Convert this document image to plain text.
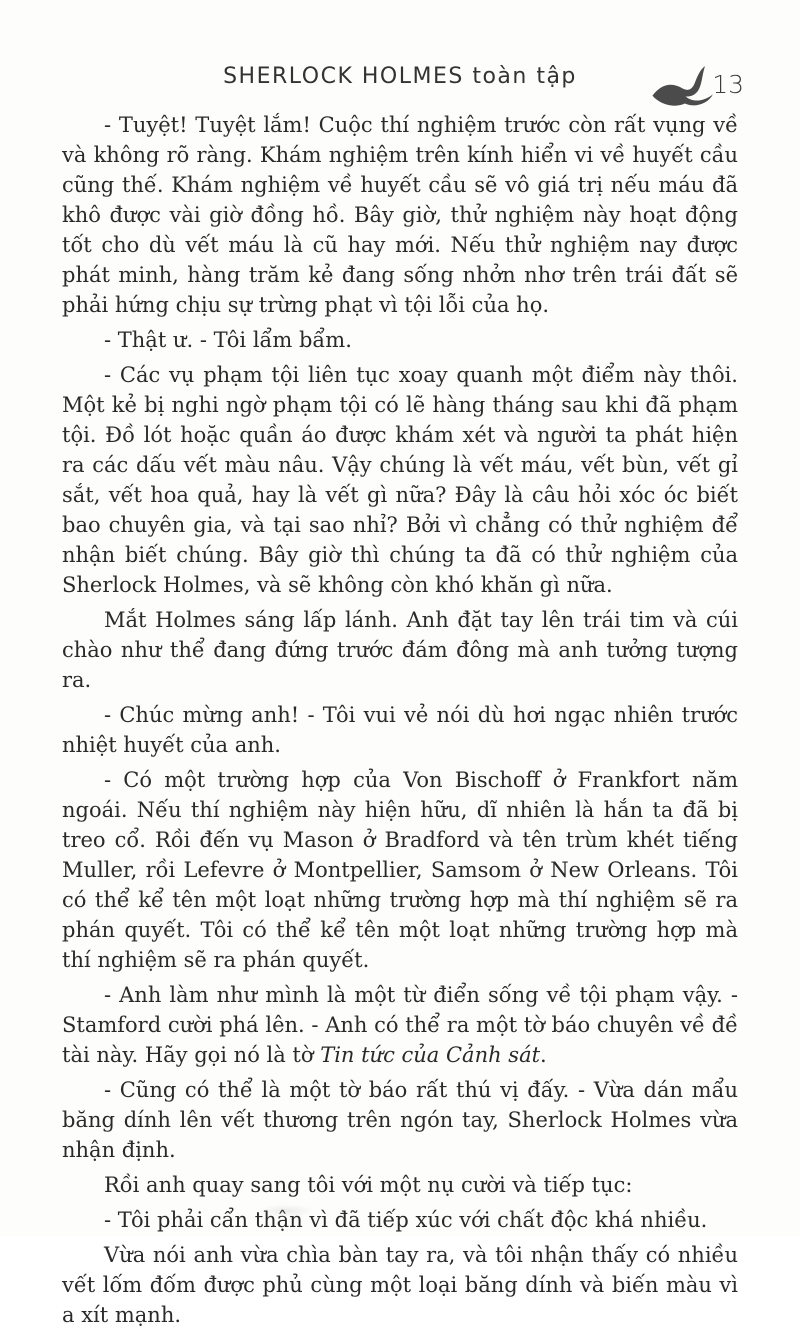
SHERLOCK HOLMES toàn tập	13

- Tuyệt! Tuyệt lắm! Cuộc thí nghiệm trước còn rất vụng về và không rõ ràng. Khám nghiệm trên kính hiển vi về huyết cầu cũng thế. Khám nghiệm về huyết cầu sẽ vô giá trị nếu máu đã khô được vài giờ đồng hồ. Bây giờ, thử nghiệm này hoạt động tốt cho dù vết máu là cũ hay mới. Nếu thử nghiệm nay được phát minh, hàng trăm kẻ đang sống nhởn nhơ trên trái đất sẽ phải hứng chịu sự trừng phạt vì tội lỗi của họ.

- Thật ư. - Tôi lẩm bẩm.

- Các vụ phạm tội liên tục xoay quanh một điểm này thôi. Một kẻ bị nghi ngờ phạm tội có lẽ hàng tháng sau khi đã phạm tội. Đồ lót hoặc quần áo được khám xét và người ta phát hiện ra các dấu vết màu nâu. Vậy chúng là vết máu, vết bùn, vết gỉ sắt, vết hoa quả, hay là vết gì nữa? Đây là câu hỏi xóc óc biết bao chuyên gia, và tại sao nhỉ? Bởi vì chẳng có thử nghiệm để nhận biết chúng. Bây giờ thì chúng ta đã có thử nghiệm của Sherlock Holmes, và sẽ không còn khó khăn gì nữa.

Mắt Holmes sáng lấp lánh. Anh đặt tay lên trái tim và cúi chào như thể đang đứng trước đám đông mà anh tưởng tượng ra.

- Chúc mừng anh! - Tôi vui vẻ nói dù hơi ngạc nhiên trước nhiệt huyết của anh.

- Có một trường hợp của Von Bischoff ở Frankfort năm ngoái. Nếu thí nghiệm này hiện hữu, dĩ nhiên là hắn ta đã bị treo cổ. Rồi đến vụ Mason ở Bradford và tên trùm khét tiếng Muller, rồi Lefevre ở Montpellier, Samsom ở New Orleans. Tôi có thể kể tên một loạt những trường hợp mà thí nghiệm sẽ ra phán quyết. Tôi có thể kể tên một loạt những trường hợp mà thí nghiệm sẽ ra phán quyết.

- Anh làm như mình là một từ điển sống về tội phạm vậy. - Stamford cười phá lên. - Anh có thể ra một tờ báo chuyên về đề tài này. Hãy gọi nó là tờ Tin tức của Cảnh sát.

- Cũng có thể là một tờ báo rất thú vị đấy. - Vừa dán mẩu băng dính lên vết thương trên ngón tay, Sherlock Holmes vừa nhận định.

Rồi anh quay sang tôi với một nụ cười và tiếp tục:

- Tôi phải cẩn thận vì đã tiếp xúc với chất độc khá nhiều.

Vừa nói anh vừa chìa bàn tay ra, và tôi nhận thấy có nhiều vết lốm đốm được phủ cùng một loại băng dính và biến màu vì a xít mạnh.
